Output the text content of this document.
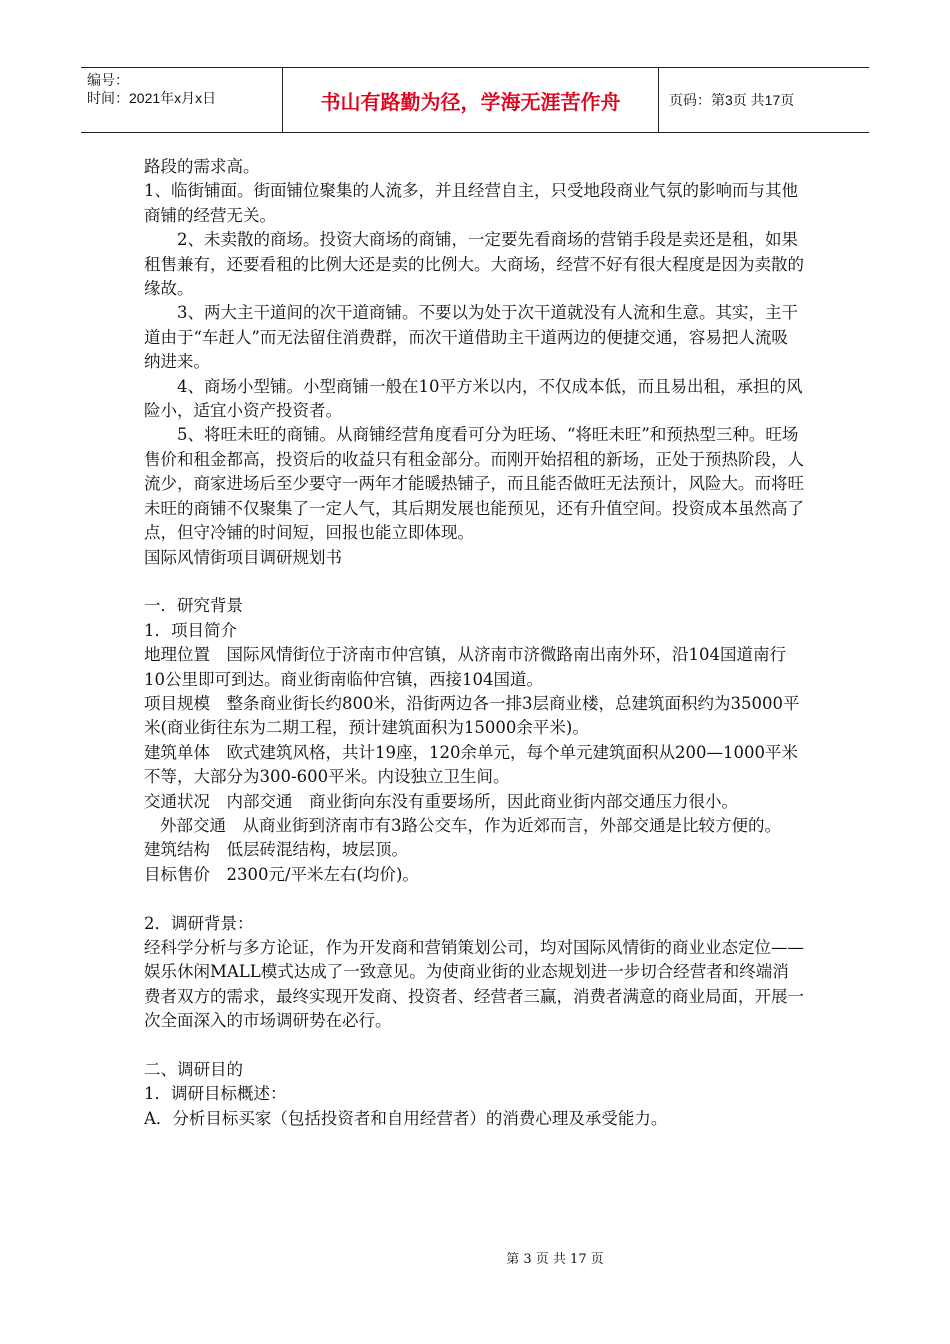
编号：
时间：2021年x月x日	书山有路勤为径，学海无涯苦作舟	页码：第3页 共17页

路段的需求高。

1、临街铺面。街面铺位聚集的人流多，并且经营自主，只受地段商业气氛的影响而与其他商铺的经营无关。

2、未卖散的商场。投资大商场的商铺，一定要先看商场的营销手段是卖还是租，如果租售兼有，还要看租的比例大还是卖的比例大。大商场，经营不好有很大程度是因为卖散的缘故。

3、两大主干道间的次干道商铺。不要以为处于次干道就没有人流和生意。其实，主干道由于“车赶人”而无法留住消费群，而次干道借助主干道两边的便捷交通，容易把人流吸纳进来。

4、商场小型铺。小型商铺一般在10平方米以内，不仅成本低，而且易出租，承担的风险小，适宜小资产投资者。

5、将旺未旺的商铺。从商铺经营角度看可分为旺场、“将旺未旺”和预热型三种。旺场售价和租金都高，投资后的收益只有租金部分。而刚开始招租的新场，正处于预热阶段，人流少，商家进场后至少要守一两年才能暖热铺子，而且能否做旺无法预计，风险大。而将旺未旺的商铺不仅聚集了一定人气，其后期发展也能预见，还有升值空间。投资成本虽然高了点，但守冷铺的时间短，回报也能立即体现。

国际风情街项目调研规划书

一．研究背景

1．项目简介

地理位置　国际风情街位于济南市仲宫镇，从济南市济微路南出南外环，沿104国道南行10公里即可到达。商业街南临仲宫镇，西接104国道。

项目规模　整条商业街长约800米，沿街两边各一排3层商业楼，总建筑面积约为35000平米(商业街往东为二期工程，预计建筑面积为15000余平米)。

建筑单体　欧式建筑风格，共计19座，120余单元，每个单元建筑面积从200—1000平米不等，大部分为300-600平米。内设独立卫生间。

交通状况　内部交通　商业街向东没有重要场所，因此商业街内部交通压力很小。

外部交通　从商业街到济南市有3路公交车，作为近郊而言，外部交通是比较方便的。

建筑结构　低层砖混结构，坡层顶。

目标售价　2300元/平米左右(均价)。

2．调研背景：

经科学分析与多方论证，作为开发商和营销策划公司，均对国际风情街的商业业态定位——娱乐休闲MALL模式达成了一致意见。为使商业街的业态规划进一步切合经营者和终端消费者双方的需求，最终实现开发商、投资者、经营者三赢，消费者满意的商业局面，开展一次全面深入的市场调研势在必行。

二、调研目的

1．调研目标概述：

A．分析目标买家（包括投资者和自用经营者）的消费心理及承受能力。

第 3 页 共 17 页
